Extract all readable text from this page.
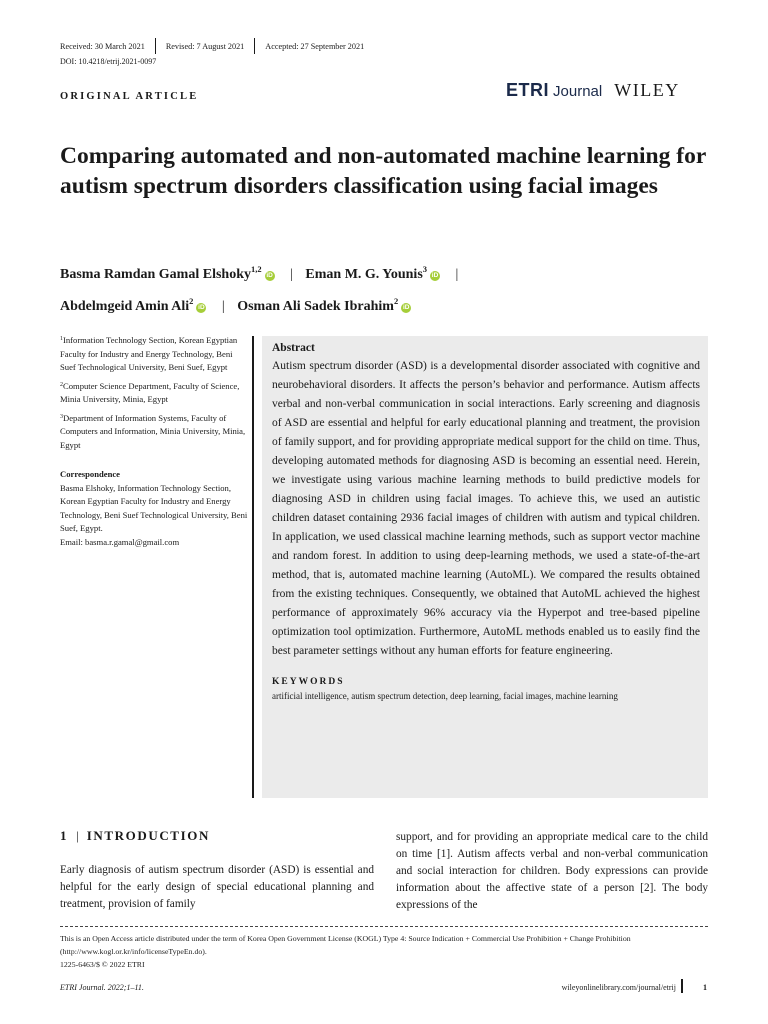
Received: 30 March 2021	Revised: 7 August 2021	Accepted: 27 September 2021
DOI: 10.4218/etrij.2021-0097
ORIGINAL ARTICLE	ETRI Journal WILEY
Comparing automated and non-automated machine learning for autism spectrum disorders classification using facial images
Basma Ramdan Gamal Elshoky$^{1,2}$iD | Eman M. G. Younis$^3$iD |
Abdelmgeid Amin Ali$^2$iD | Osman Ali Sadek Ibrahim$^2$iD

$^1$Information Technology Section, Korean Egyptian Faculty for Industry and Energy Technology, Beni Suef Technological University, Beni Suef, Egypt

$^2$Computer Science Department, Faculty of Science, Minia University, Minia, Egypt

$^3$Department of Information Systems, Faculty of Computers and Information, Minia University, Minia, Egypt

Correspondence

Basma Elshoky, Information Technology Section, Korean Egyptian Faculty for Industry and Energy Technology, Beni Suef Technological University, Beni Suef, Egypt.

Email: basma.r.gamal@gmail.com

Abstract

Autism spectrum disorder (ASD) is a developmental disorder associated with cognitive and neurobehavioral disorders. It affects the person’s behavior and performance. Autism affects verbal and non-verbal communication in social interactions. Early screening and diagnosis of ASD are essential and helpful for early educational planning and treatment, the provision of family support, and for providing appropriate medical support for the child on time. Thus, developing automated methods for diagnosing ASD is becoming an essential need. Herein, we investigate using various machine learning methods to build predictive models for diagnosing ASD in children using facial images. To achieve this, we used an autistic children dataset containing 2936 facial images of children with autism and typical children. In application, we used classical machine learning methods, such as support vector machine and random forest. In addition to using deep-learning methods, we used a state-of-the-art method, that is, automated machine learning (AutoML). We compared the results obtained from the existing techniques. Consequently, we obtained that AutoML achieved the highest performance of approximately 96% accuracy via the Hyperpot and tree-based pipeline optimization tool optimization. Furthermore, AutoML methods enabled us to easily find the best parameter settings without any human efforts for feature engineering.

KEYWORDS

artificial intelligence, autism spectrum detection, deep learning, facial images, machine learning

1 | INTRODUCTION
Early diagnosis of autism spectrum disorder (ASD) is essential and helpful for the early design of special educational planning and treatment, provision of family
support, and for providing an appropriate medical care to the child on time [1]. Autism affects verbal and non-verbal communication and social interaction for children. Body expressions can provide information about the affective state of a person [2]. The body expressions of the

This is an Open Access article distributed under the term of Korea Open Government License (KOGL) Type 4: Source Indication + Commercial Use Prohibition + Change Prohibition (http://www.kogl.or.kr/info/licenseTypeEn.do).

1225-6463/$ © 2022 ETRI

ETRI Journal. 2022;1–11.	wileyonlinelibrary.com/journal/etrij	1
